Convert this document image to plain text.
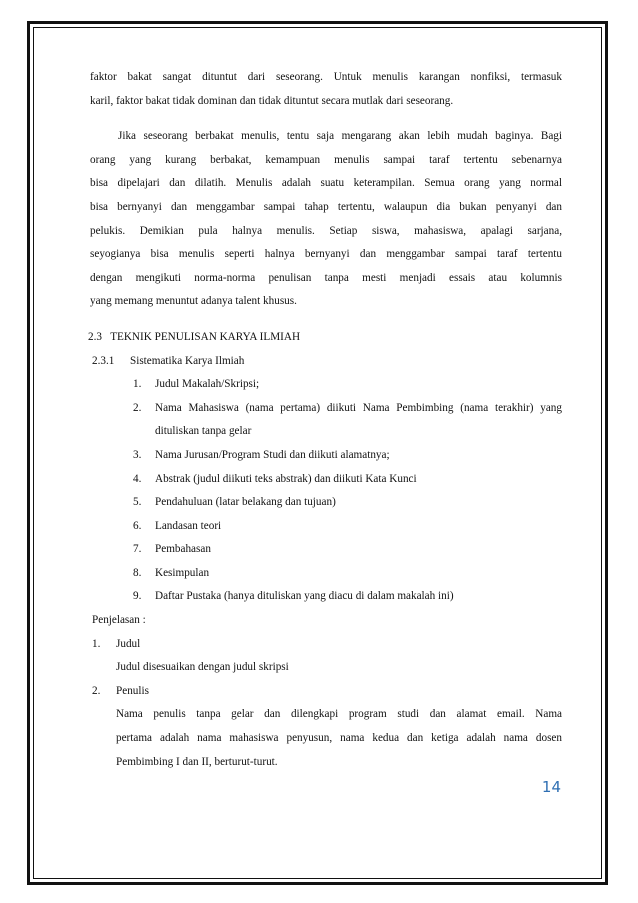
faktor bakat sangat dituntut dari seseorang. Untuk menulis karangan nonfiksi, termasuk
karil, faktor bakat tidak dominan dan tidak dituntut secara mutlak dari seseorang.
Jika seseorang berbakat menulis, tentu saja mengarang akan lebih mudah baginya. Bagi
orang yang kurang berbakat, kemampuan menulis sampai taraf tertentu sebenarnya
bisa dipelajari dan dilatih. Menulis adalah suatu keterampilan. Semua orang yang normal
bisa bernyanyi dan menggambar sampai tahap tertentu, walaupun dia bukan penyanyi dan
pelukis. Demikian pula halnya menulis. Setiap siswa, mahasiswa, apalagi sarjana,
seyogianya bisa menulis seperti halnya bernyanyi dan menggambar sampai taraf tertentu
dengan mengikuti norma-norma penulisan tanpa mesti menjadi essais atau kolumnis
yang memang menuntut adanya talent khusus.
2.3 TEKNIK PENULISAN KARYA ILMIAH
2.3.1 Sistematika Karya Ilmiah
1. Judul Makalah/Skripsi;
2. Nama Mahasiswa (nama pertama) diikuti Nama Pembimbing (nama terakhir) yang dituliskan tanpa gelar
3. Nama Jurusan/Program Studi dan diikuti alamatnya;
4. Abstrak (judul diikuti teks abstrak) dan diikuti Kata Kunci
5. Pendahuluan (latar belakang dan tujuan)
6. Landasan teori
7. Pembahasan
8. Kesimpulan
9. Daftar Pustaka (hanya dituliskan yang diacu di dalam makalah ini)
Penjelasan :
1. Judul
Judul disesuaikan dengan judul skripsi
2. Penulis
Nama penulis tanpa gelar dan dilengkapi program studi dan alamat email. Nama
pertama adalah nama mahasiswa penyusun, nama kedua dan ketiga adalah nama dosen
Pembimbing I dan II, berturut-turut.
14
